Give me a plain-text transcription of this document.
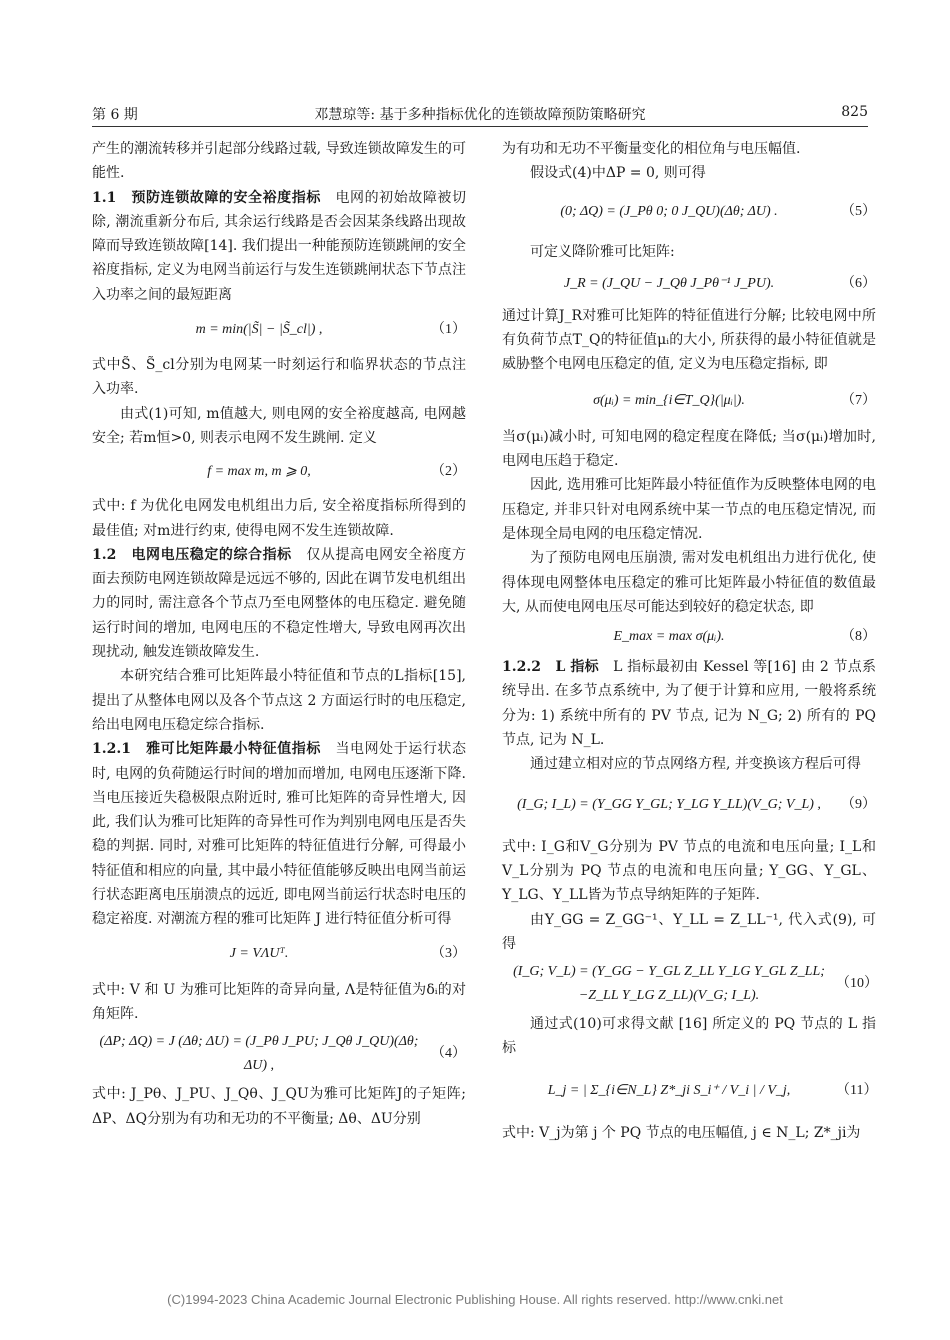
第 6 期	邓慧琼等: 基于多种指标优化的连锁故障预防策略研究	825

产生的潮流转移并引起部分线路过载, 导致连锁故障发生的可能性.

1.1　预防连锁故障的安全裕度指标　电网的初始故障被切除, 潮流重新分布后, 其余运行线路是否会因某条线路出现故障而导致连锁故障[14]. 我们提出一种能预防连锁跳闸的安全裕度指标, 定义为电网当前运行与发生连锁跳闸状态下节点注入功率之间的最短距离

m = min(|S̃| − |S̃_cl|) ,	（1）

式中S̃、S̃_cl分别为电网某一时刻运行和临界状态的节点注入功率.

由式(1)可知, m值越大, 则电网的安全裕度越高, 电网越安全; 若m恒>0, 则表示电网不发生跳闸. 定义

f = max m, m ⩾ 0,	（2）

式中: f 为优化电网发电机组出力后, 安全裕度指标所得到的最佳值; 对m进行约束, 使得电网不发生连锁故障.

1.2　电网电压稳定的综合指标　仅从提高电网安全裕度方面去预防电网连锁故障是远远不够的, 因此在调节发电机组出力的同时, 需注意各个节点乃至电网整体的电压稳定. 避免随运行时间的增加, 电网电压的不稳定性增大, 导致电网再次出现扰动, 触发连锁故障发生.

本研究结合雅可比矩阵最小特征值和节点的L指标[15], 提出了从整体电网以及各个节点这 2 方面运行时的电压稳定, 给出电网电压稳定综合指标.

1.2.1　雅可比矩阵最小特征值指标　当电网处于运行状态时, 电网的负荷随运行时间的增加而增加, 电网电压逐渐下降. 当电压接近失稳极限点附近时, 雅可比矩阵的奇异性增大, 因此, 我们认为雅可比矩阵的奇异性可作为判别电网电压是否失稳的判据. 同时, 对雅可比矩阵的特征值进行分解, 可得最小特征值和相应的向量, 其中最小特征值能够反映出电网当前运行状态距离电压崩溃点的远近, 即电网当前运行状态时电压的稳定裕度. 对潮流方程的雅可比矩阵 J 进行特征值分析可得

J = VΛUᵀ.	（3）

式中: V 和 U 为雅可比矩阵的奇异向量, Λ是特征值为δᵢ的对角矩阵.

(ΔP; ΔQ) = J (Δθ; ΔU) = (J_Pθ J_PU; J_Qθ J_QU)(Δθ; ΔU) ,
（4）

式中: J_Pθ、J_PU、J_Qθ、J_QU为雅可比矩阵J的子矩阵; ΔP、ΔQ分别为有功和无功的不平衡量; Δθ、ΔU分别

为有功和无功不平衡量变化的相位角与电压幅值.

假设式(4)中ΔP = 0, 则可得

(0; ΔQ) = (J_Pθ 0; 0 J_QU)(Δθ; ΔU) .	（5）

可定义降阶雅可比矩阵:

J_R = (J_QU − J_Qθ J_Pθ⁻¹ J_PU).	（6）

通过计算J_R对雅可比矩阵的特征值进行分解; 比较电网中所有负荷节点T_Q的特征值μᵢ的大小, 所获得的最小特征值就是威胁整个电网电压稳定的值, 定义为电压稳定指标, 即

σ(μᵢ) = min_{i∈T_Q}(|μᵢ|).	（7）

当σ(μᵢ)减小时, 可知电网的稳定程度在降低; 当σ(μᵢ)增加时, 电网电压趋于稳定.

因此, 选用雅可比矩阵最小特征值作为反映整体电网的电压稳定, 并非只针对电网系统中某一节点的电压稳定情况, 而是体现全局电网的电压稳定情况.

为了预防电网电压崩溃, 需对发电机组出力进行优化, 使得体现电网整体电压稳定的雅可比矩阵最小特征值的数值最大, 从而使电网电压尽可能达到较好的稳定状态, 即

E_max = max σ(μᵢ).	（8）

1.2.2　L 指标　L 指标最初由 Kessel 等[16] 由 2 节点系统导出. 在多节点系统中, 为了便于计算和应用, 一般将系统分为: 1) 系统中所有的 PV 节点, 记为 N_G; 2) 所有的 PQ 节点, 记为 N_L.

通过建立相对应的节点网络方程, 并变换该方程后可得

(I_G; I_L) = (Y_GG Y_GL; Y_LG Y_LL)(V_G; V_L) ,	（9）

式中: I_G和V_G分别为 PV 节点的电流和电压向量; I_L和V_L分别为 PQ 节点的电流和电压向量; Y_GG、Y_GL、Y_LG、Y_LL皆为节点导纳矩阵的子矩阵.

由Y_GG = Z_GG⁻¹、Y_LL = Z_LL⁻¹, 代入式(9), 可得

(I_G; V_L) = (Y_GG − Y_GL Z_LL Y_LG Y_GL Z_LL; −Z_LL Y_LG Z_LL)(V_G; I_L).
（10）

通过式(10)可求得文献 [16] 所定义的 PQ 节点的 L 指标

L_j = | Σ_{i∈N_L} Z*_ji S_i⁺ / V_i | / V_j,	（11）

式中: V_j为第 j 个 PQ 节点的电压幅值, j ∈ N_L; Z*_ji为

(C)1994-2023 China Academic Journal Electronic Publishing House. All rights reserved. http://www.cnki.net
